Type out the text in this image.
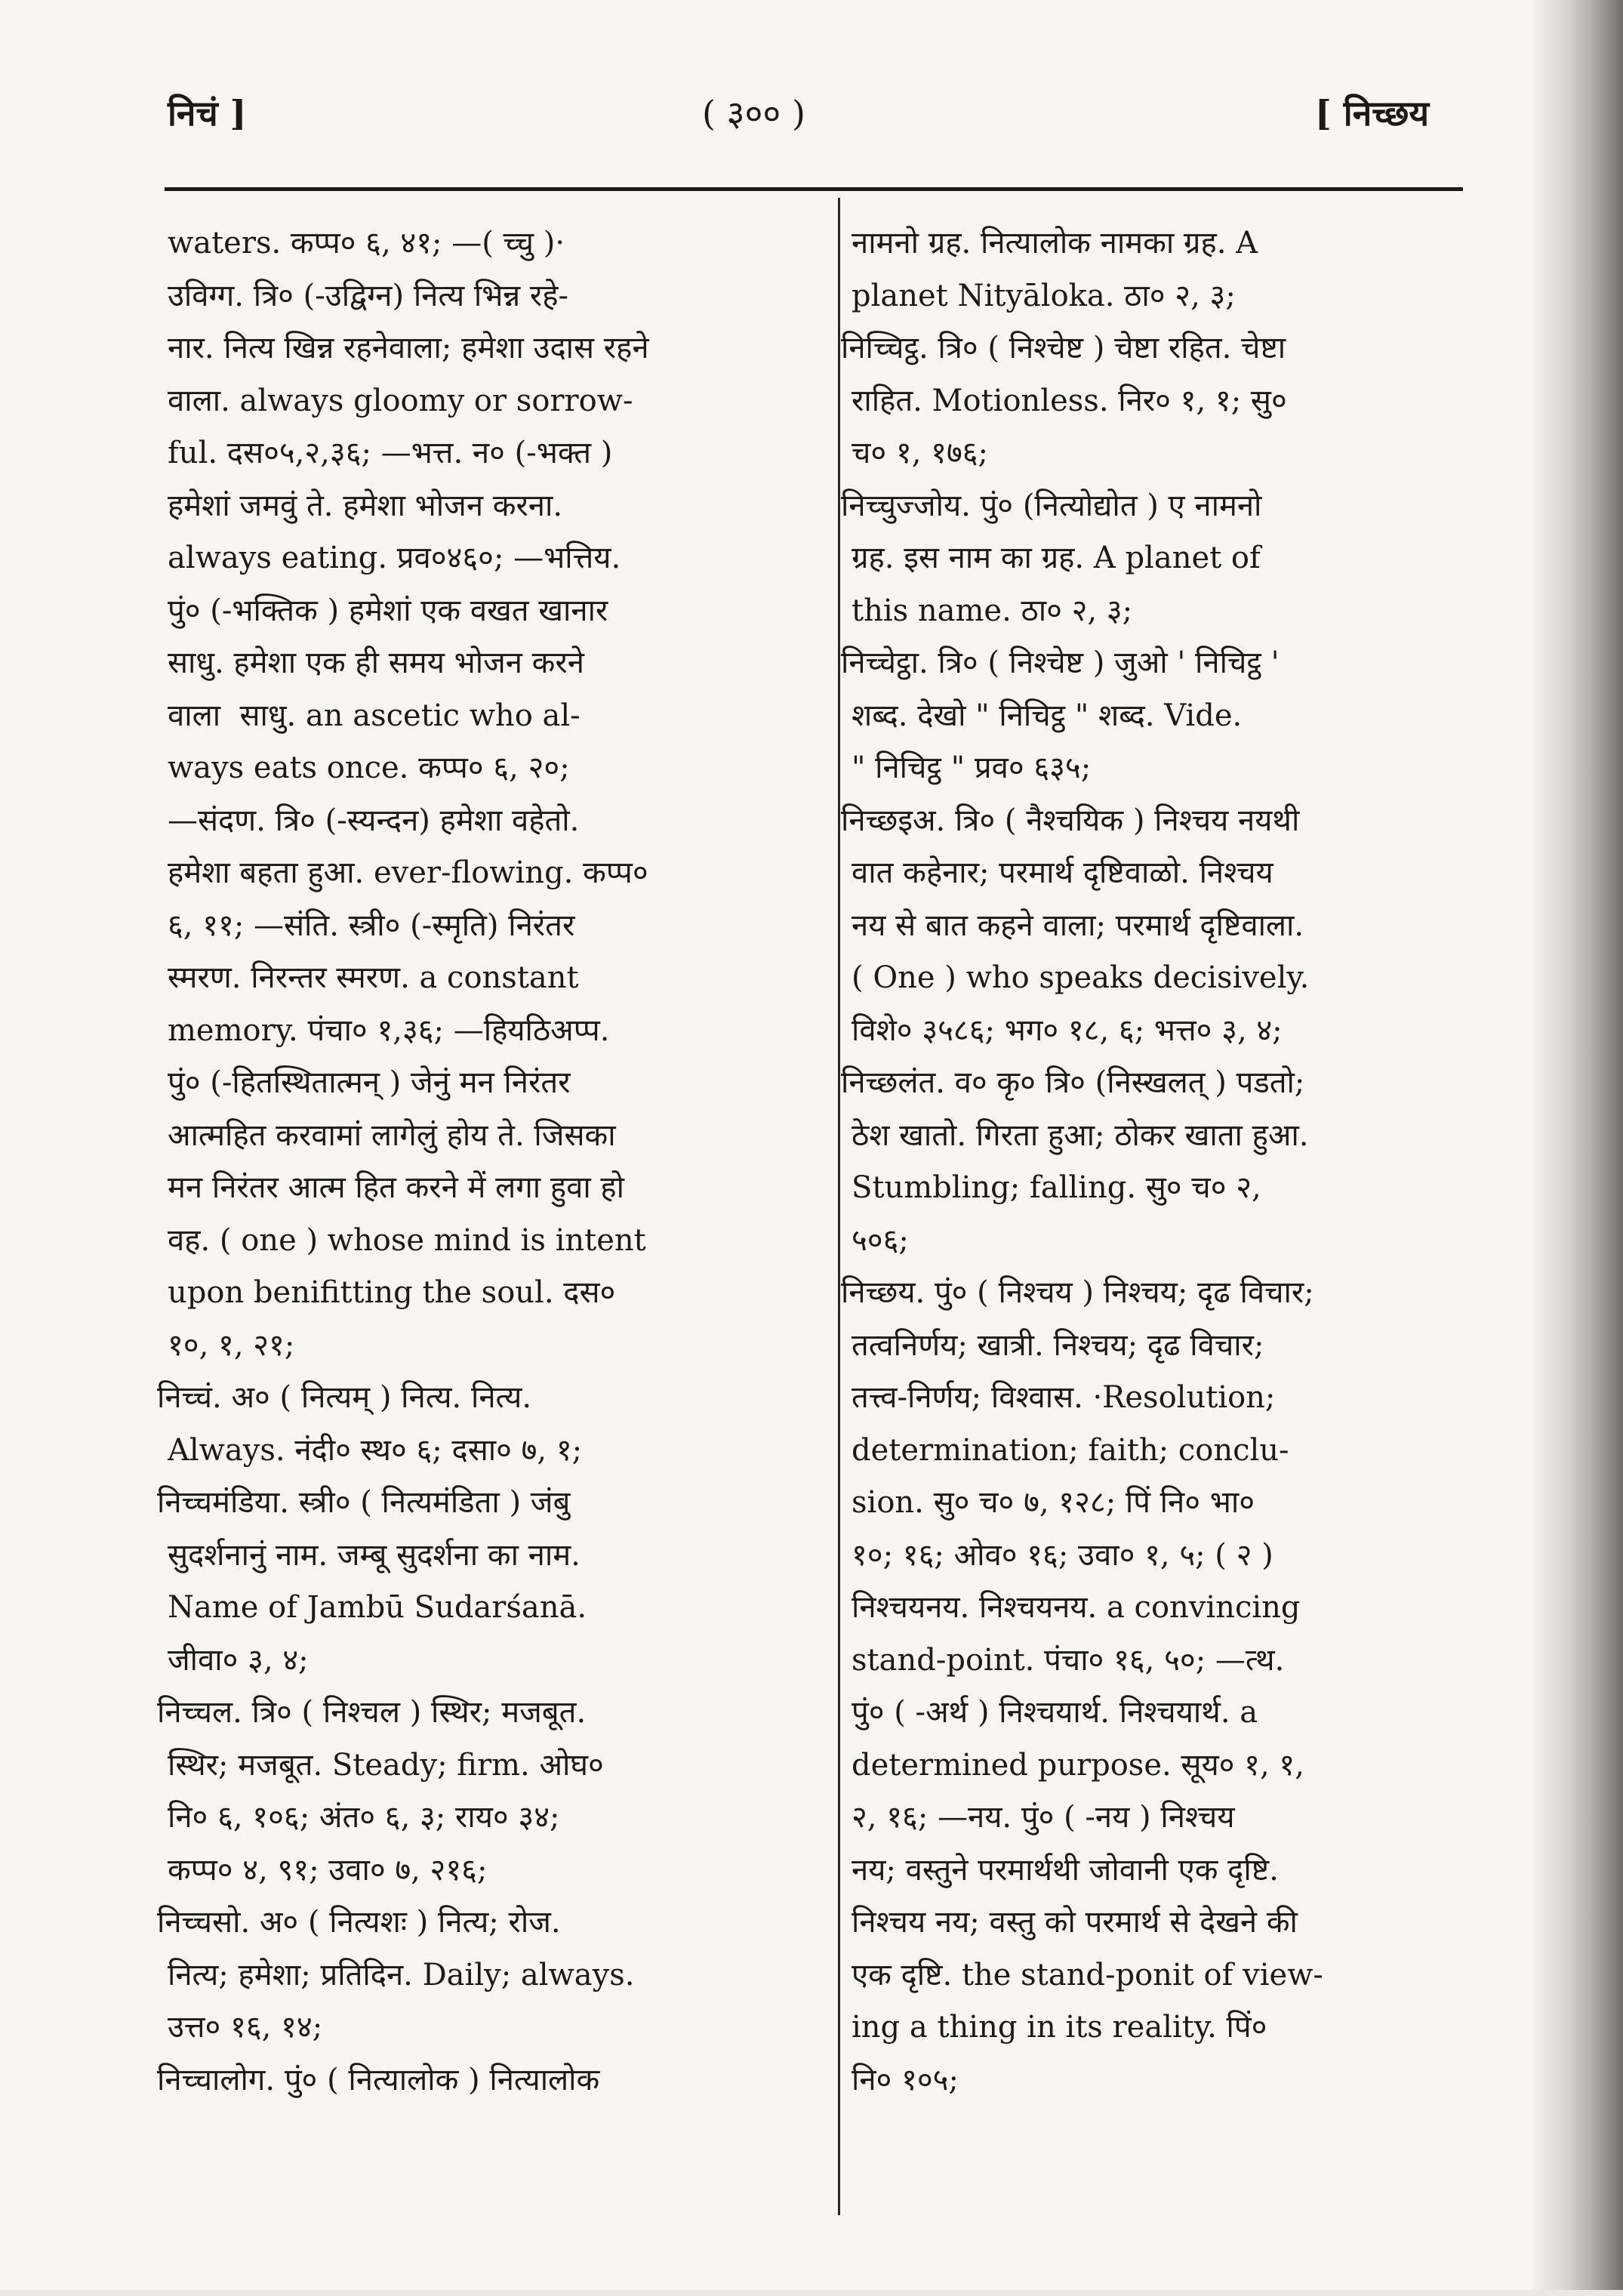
निचं ]	( ३०० )	[ निच्छय
waters. कप्प० ६, ४१; —( च्चु )·
उविग्ग. त्रि० (-उद्विग्न) नित्य भिन्न रहे-
नार. नित्य खिन्न रहनेवाला; हमेशा उदास रहने
वाला. always gloomy or sorrow-
ful. दस०५,२,३६; —भत्त. न० (-भक्त )
हमेशां जमवुं ते. हमेशा भोजन करना.
always eating. प्रव०४६०; —भत्तिय.
पुं० (-भक्तिक ) हमेशां एक वखत खानार
साधु. हमेशा एक ही समय भोजन करने
वाला  साधु. an ascetic who al-
ways eats once. कप्प० ६, २०;
—संदण. त्रि० (-स्यन्दन) हमेशा वहेतो.
हमेशा बहता हुआ. ever-flowing. कप्प०
६, ११; —संति. स्त्री० (-स्मृति) निरंतर
स्मरण. निरन्तर स्मरण. a constant
memory. पंचा० १,३६; —हियठिअप्प.
पुं० (-हितस्थितात्मन् ) जेनुं मन निरंतर
आत्महित करवामां लागेलुं होय ते. जिसका
मन निरंतर आत्म हित करने में लगा हुवा हो
वह. ( one ) whose mind is intent
upon benifitting the soul. दस०
१०, १, २१;
निच्चं. अ० ( नित्यम् ) नित्य. नित्य.
Always. नंदी० स्थ० ६; दसा० ७, १;
निच्चमंडिया. स्त्री० ( नित्यमंडिता ) जंबु
सुदर्शनानुं नाम. जम्बू सुदर्शना का नाम.
Name of Jambū Sudarśanā.
जीवा० ३, ४;
निच्चल. त्रि० ( निश्चल ) स्थिर; मजबूत.
स्थिर; मजबूत. Steady; firm. ओघ०
नि० ६, १०६; अंत० ६, ३; राय० ३४;
कप्प० ४, ९१; उवा० ७, २१६;
निच्चसो. अ० ( नित्यशः ) नित्य; रोज.
नित्य; हमेशा; प्रतिदिन. Daily; always.
उत्त० १६, १४;
निच्चालोग. पुं० ( नित्यालोक ) नित्यालोक
नामनो ग्रह. नित्यालोक नामका ग्रह. A
planet Nityāloka. ठा० २, ३;
निच्चिट्ठ. त्रि० ( निश्चेष्ट ) चेष्टा रहित. चेष्टा
राहित. Motionless. निर० १, १; सु०
च० १, १७६;
निच्चुज्जोय. पुं० (नित्योद्योत ) ए नामनो
ग्रह. इस नाम का ग्रह. A planet of
this name. ठा० २, ३;
निच्चेट्ठा. त्रि० ( निश्चेष्ट ) जुओ ' निचिट्ठ '
शब्द. देखो " निचिट्ठ " शब्द. Vide.
" निचिट्ठ " प्रव० ६३५;
निच्छइअ. त्रि० ( नैश्चयिक ) निश्चय नयथी
वात कहेनार; परमार्थ दृष्टिवाळो. निश्चय
नय से बात कहने वाला; परमार्थ दृष्टिवाला.
( One ) who speaks decisively.
विशे० ३५८६; भग० १८, ६; भत्त० ३, ४;
निच्छलंत. व० कृ० त्रि० (निस्खलत् ) पडतो;
ठेश खातो. गिरता हुआ; ठोकर खाता हुआ.
Stumbling; falling. सु० च० २,
५०६;
निच्छय. पुं० ( निश्चय ) निश्चय; दृढ विचार;
तत्वनिर्णय; खात्री. निश्चय; दृढ विचार;
तत्त्व-निर्णय; विश्वास. ·Resolution;
determination; faith; conclu-
sion. सु० च० ७, १२८; पिं नि० भा०
१०; १६; ओव० १६; उवा० १, ५; ( २ )
निश्चयनय. निश्चयनय. a convincing
stand-point. पंचा० १६, ५०; —त्थ.
पुं० ( -अर्थ ) निश्चयार्थ. निश्चयार्थ. a
determined purpose. सूय० १, १,
२, १६; —नय. पुं० ( -नय ) निश्चय
नय; वस्तुने परमार्थथी जोवानी एक दृष्टि.
निश्चय नय; वस्तु को परमार्थ से देखने की
एक दृष्टि. the stand-ponit of view-
ing a thing in its reality. पिं०
नि० १०५;
